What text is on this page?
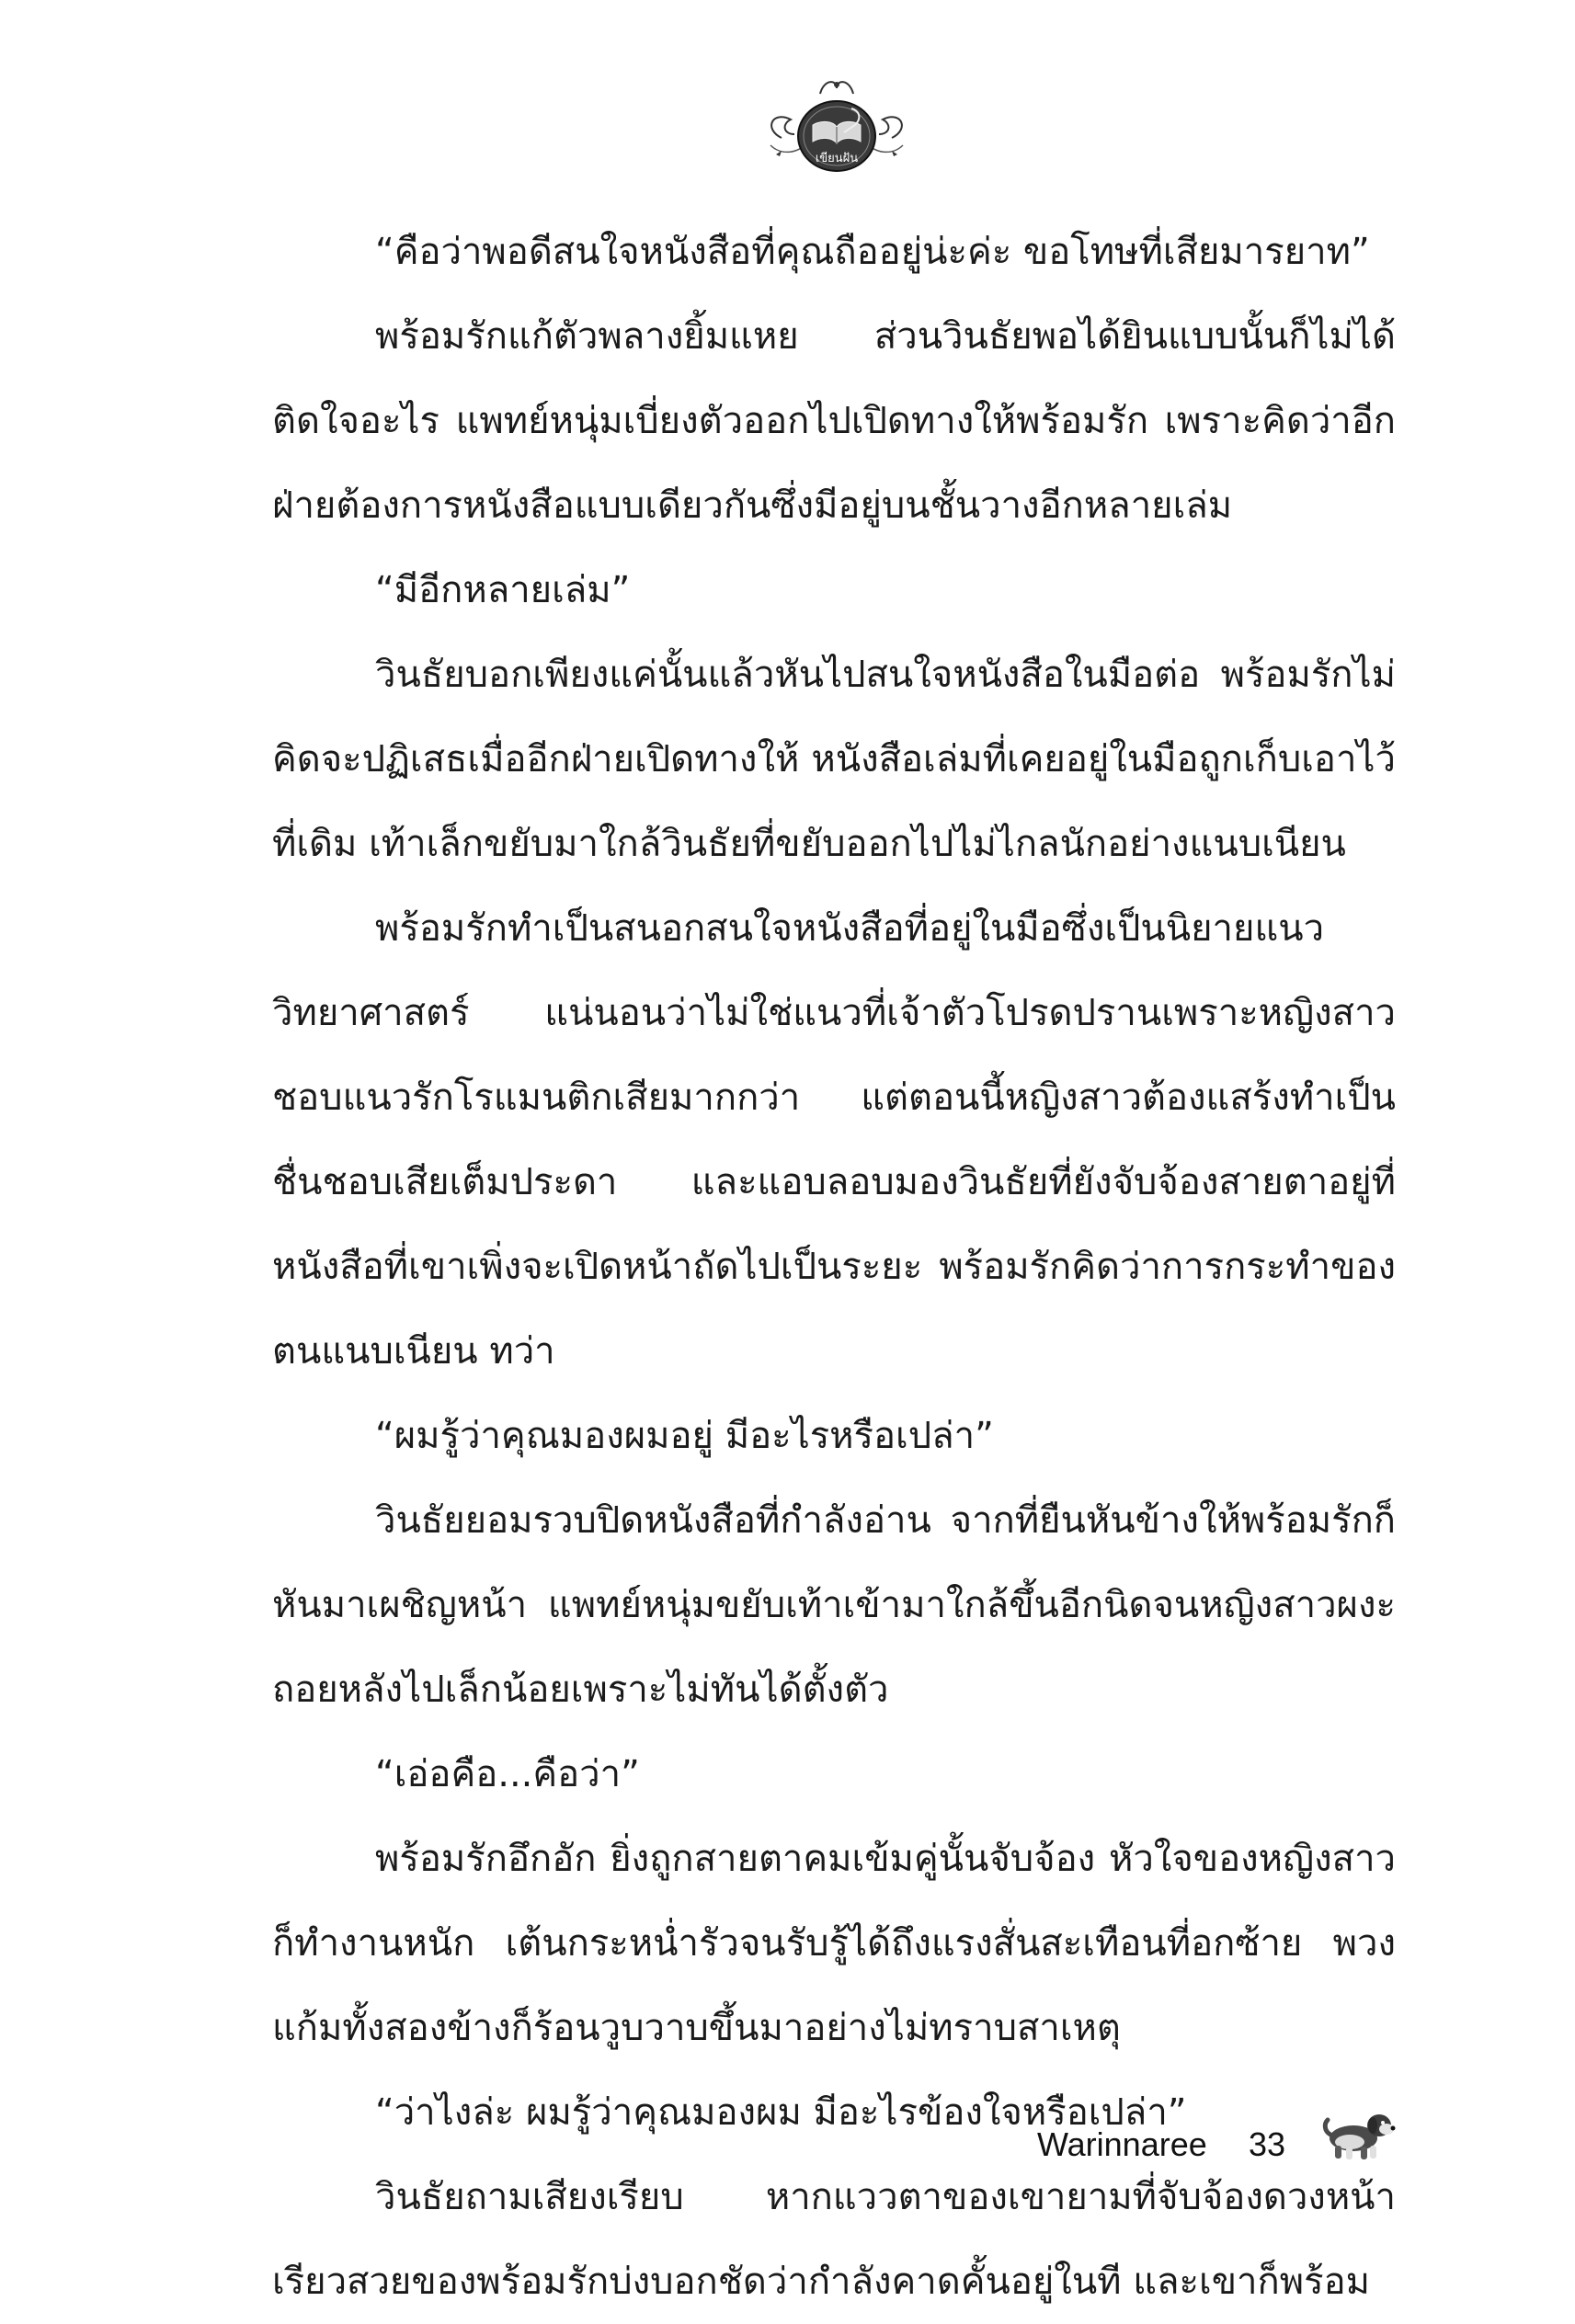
เขียนฝัน

“คือว่าพอดีสนใจหนังสือที่คุณถืออยู่น่ะค่ะ ขอโทษที่เสียมารยาท”

พร้อมรักแก้ตัวพลางยิ้มแหย ส่วนวินธัยพอได้ยินแบบนั้นก็ไม่ได้ติดใจอะไร แพทย์หนุ่มเบี่ยงตัวออกไปเปิดทางให้พร้อมรัก เพราะคิดว่าอีกฝ่ายต้องการหนังสือแบบเดียวกันซึ่งมีอยู่บนชั้นวางอีกหลายเล่ม

“มีอีกหลายเล่ม”

วินธัยบอกเพียงแค่นั้นแล้วหันไปสนใจหนังสือในมือต่อ พร้อมรักไม่คิดจะปฏิเสธเมื่ออีกฝ่ายเปิดทางให้ หนังสือเล่มที่เคยอยู่ในมือถูกเก็บเอาไว้ที่เดิม เท้าเล็กขยับมาใกล้วินธัยที่ขยับออกไปไม่ไกลนักอย่างแนบเนียน

พร้อมรักทำเป็นสนอกสนใจหนังสือที่อยู่ในมือซึ่งเป็นนิยายแนววิทยาศาสตร์ แน่นอนว่าไม่ใช่แนวที่เจ้าตัวโปรดปรานเพราะหญิงสาวชอบแนวรักโรแมนติกเสียมากกว่า แต่ตอนนี้หญิงสาวต้องแสร้งทำเป็นชื่นชอบเสียเต็มประดา และแอบลอบมองวินธัยที่ยังจับจ้องสายตาอยู่ที่หนังสือที่เขาเพิ่งจะเปิดหน้าถัดไปเป็นระยะ พร้อมรักคิดว่าการกระทำของตนแนบเนียน ทว่า

“ผมรู้ว่าคุณมองผมอยู่ มีอะไรหรือเปล่า”

วินธัยยอมรวบปิดหนังสือที่กำลังอ่าน จากที่ยืนหันข้างให้พร้อมรักก็หันมาเผชิญหน้า แพทย์หนุ่มขยับเท้าเข้ามาใกล้ขึ้นอีกนิดจนหญิงสาวผงะถอยหลังไปเล็กน้อยเพราะไม่ทันได้ตั้งตัว

“เอ่อคือ...คือว่า”

พร้อมรักอึกอัก ยิ่งถูกสายตาคมเข้มคู่นั้นจับจ้อง หัวใจของหญิงสาวก็ทำงานหนัก เต้นกระหน่ำรัวจนรับรู้ได้ถึงแรงสั่นสะเทือนที่อกซ้าย พวงแก้มทั้งสองข้างก็ร้อนวูบวาบขึ้นมาอย่างไม่ทราบสาเหตุ

“ว่าไงล่ะ ผมรู้ว่าคุณมองผม มีอะไรข้องใจหรือเปล่า”

วินธัยถามเสียงเรียบ หากแววตาของเขายามที่จับจ้องดวงหน้าเรียวสวยของพร้อมรักบ่งบอกชัดว่ากำลังคาดคั้นอยู่ในที และเขาก็พร้อม

Warinnaree 33
